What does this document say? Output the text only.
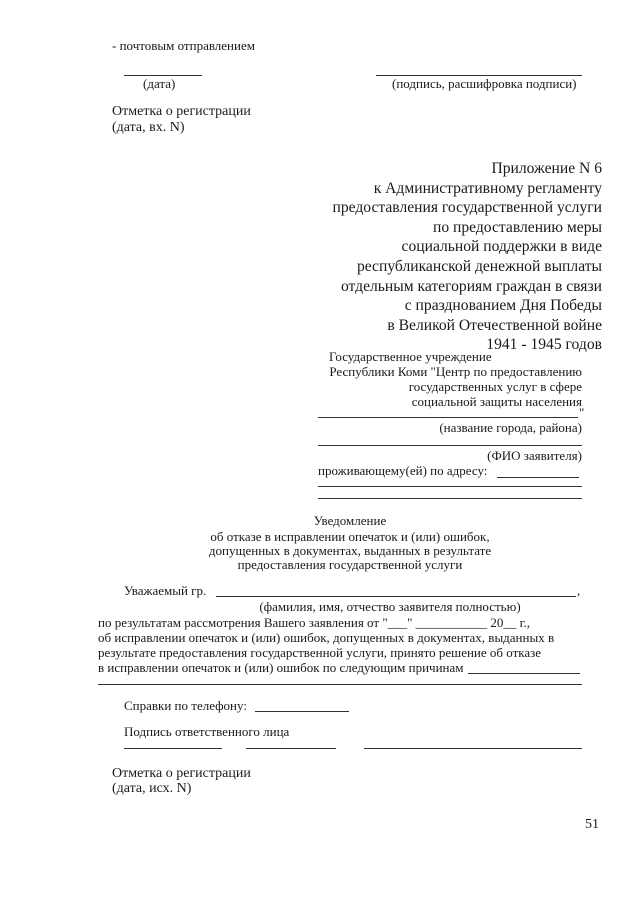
- почтовым отправлением
(дата)	(подпись, расшифровка подписи)
Отметка о регистрации
(дата, вх. N)
Приложение N 6
к Административному регламенту
предоставления государственной услуги
по предоставлению меры
социальной поддержки в виде
республиканской денежной выплаты
отдельным категориям граждан в связи
с празднованием Дня Победы
в Великой Отечественной войне
1941 - 1945 годов
Государственное учреждение
Республики Коми "Центр по предоставлению
государственных услуг в сфере
социальной защиты населения
"
(название города, района)
(ФИО заявителя)
проживающему(ей) по адресу:
Уведомление
об отказе в исправлении опечаток и (или) ошибок,
допущенных в документах, выданных в результате
предоставления государственной услуги
Уважаемый гр.	,
(фамилия, имя, отчество заявителя полностью)
по результатам рассмотрения Вашего заявления от "___" ___________ 20__ г.,
об исправлении опечаток и (или) ошибок, допущенных в документах, выданных в
результате предоставления государственной услуги, принято решение об отказе
в исправлении опечаток и (или) ошибок по следующим причинам
Справки по телефону:
Подпись ответственного лица
Отметка о регистрации
(дата, исх. N)
51
